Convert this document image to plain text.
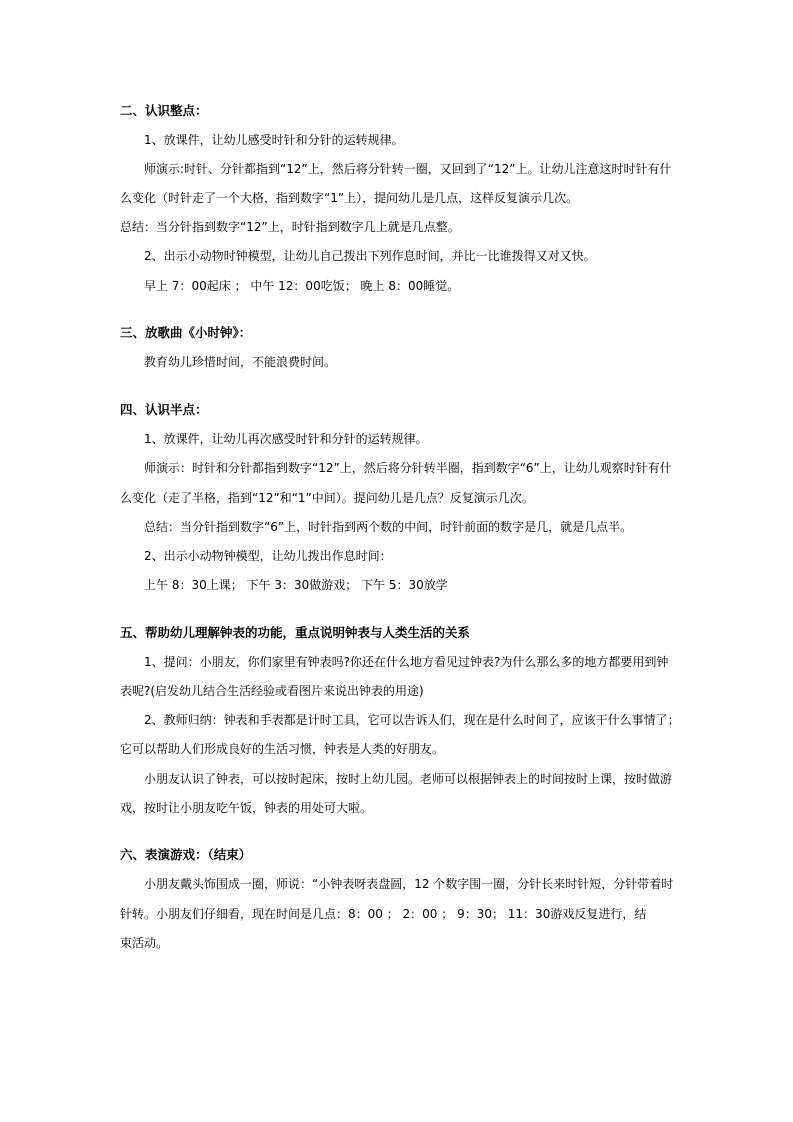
二、认识整点：
1、放课件，让幼儿感受时针和分针的运转规律。
师演示:时针、分针都指到“12”上，然后将分针转一圈，又回到了“12”上。让幼儿注意这时时针有什
么变化（时针走了一个大格，指到数字“1”上），提问幼儿是几点，这样反复演示几次。
总结：当分针指到数字“12”上，时针指到数字几上就是几点整。
2、出示小动物时钟模型，让幼儿自己拨出下列作息时间，并比一比谁拨得又对又快。
早上 7：00起床 ； 中午 12：00吃饭； 晚上 8：00睡觉。
三、放歌曲《小时钟》：
教育幼儿珍惜时间，不能浪费时间。
四、认识半点：
1、放课件，让幼儿再次感受时针和分针的运转规律。
师演示：时针和分针都指到数字“12”上，然后将分针转半圈，指到数字“6”上，让幼儿观察时针有什
么变化（走了半格，指到“12”和“1”中间）。提问幼儿是几点？反复演示几次。
总结：当分针指到数字“6”上，时针指到两个数的中间，时针前面的数字是几，就是几点半。
2、出示小动物钟模型，让幼儿拨出作息时间：
上午 8：30上课； 下午 3：30做游戏； 下午 5：30放学
五、帮助幼儿理解钟表的功能，重点说明钟表与人类生活的关系
1、提问：小朋友，你们家里有钟表吗?你还在什么地方看见过钟表?为什么那么多的地方都要用到钟
表呢?(启发幼儿结合生活经验或看图片来说出钟表的用途)
2、教师归纳：钟表和手表都是计时工具，它可以告诉人们，现在是什么时间了，应该干什么事情了；
它可以帮助人们形成良好的生活习惯，钟表是人类的好朋友。
小朋友认识了钟表，可以按时起床，按时上幼儿园。老师可以根据钟表上的时间按时上课，按时做游
戏，按时让小朋友吃午饭，钟表的用处可大啦。
六、表演游戏：（结束）
小朋友戴头饰围成一圈，师说：“小钟表呀表盘圆，12 个数字围一圈，分针长来时针短，分针带着时
针转。小朋友们仔细看，现在时间是几点：8：00 ； 2：00 ； 9：30； 11：30游戏反复进行，结
束活动。
